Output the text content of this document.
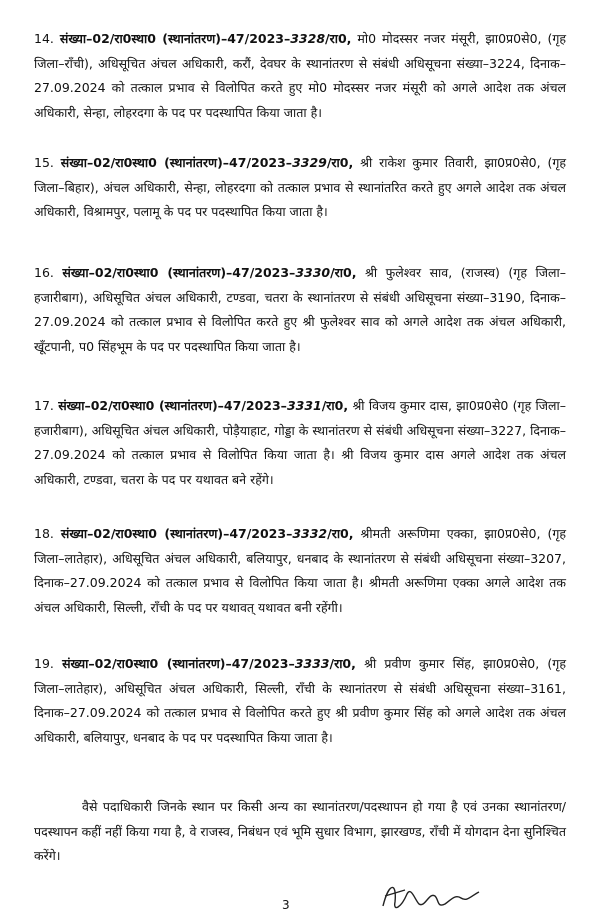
14. संख्या–02/रा0स्था0 (स्थानांतरण)–47/2023–3328/रा0, मो0 मोदस्सर नजर मंसूरी, झा0प्र0से0, (गृह जिला–राँची), अधिसूचित अंचल अधिकारी, करौं, देवघर के स्थानांतरण से संबंधी अधिसूचना संख्या–3224, दिनाक–27.09.2024 को तत्काल प्रभाव से विलोपित करते हुए मो0 मोदस्सर नजर मंसूरी को अगले आदेश तक अंचल अधिकारी, सेन्हा, लोहरदगा के पद पर पदस्थापित किया जाता है।
15. संख्या–02/रा0स्था0 (स्थानांतरण)–47/2023–3329/रा0, श्री राकेश कुमार तिवारी, झा0प्र0से0, (गृह जिला–बिहार), अंचल अधिकारी, सेन्हा, लोहरदगा को तत्काल प्रभाव से स्थानांतरित करते हुए अगले आदेश तक अंचल अधिकारी, विश्रामपुर, पलामू के पद पर पदस्थापित किया जाता है।
16. संख्या–02/रा0स्था0 (स्थानांतरण)–47/2023–3330/रा0, श्री फुलेश्वर साव, (राजस्व) (गृह जिला–हजारीबाग), अधिसूचित अंचल अधिकारी, टण्डवा, चतरा के स्थानांतरण से संबंधी अधिसूचना संख्या–3190, दिनाक–27.09.2024 को तत्काल प्रभाव से विलोपित करते हुए श्री फुलेश्वर साव को अगले आदेश तक अंचल अधिकारी, खूँटपानी, प0 सिंहभूम के पद पर पदस्थापित किया जाता है।
17. संख्या–02/रा0स्था0 (स्थानांतरण)–47/2023–3331/रा0, श्री विजय कुमार दास, झा0प्र0से0 (गृह जिला–हजारीबाग), अधिसूचित अंचल अधिकारी, पोड़ैयाहाट, गोड्डा के स्थानांतरण से संबंधी अधिसूचना संख्या–3227, दिनाक–27.09.2024 को तत्काल प्रभाव से विलोपित किया जाता है। श्री विजय कुमार दास अगले आदेश तक अंचल अधिकारी, टण्डवा, चतरा के पद पर यथावत बने रहेंगे।
18. संख्या–02/रा0स्था0 (स्थानांतरण)–47/2023–3332/रा0, श्रीमती अरूणिमा एक्का, झा0प्र0से0, (गृह जिला–लातेहार), अधिसूचित अंचल अधिकारी, बलियापुर, धनबाद के स्थानांतरण से संबंधी अधिसूचना संख्या–3207, दिनाक–27.09.2024 को तत्काल प्रभाव से विलोपित किया जाता है। श्रीमती अरूणिमा एक्का अगले आदेश तक अंचल अधिकारी, सिल्ली, राँची के पद पर यथावत् यथावत बनी रहेंगी।
19. संख्या–02/रा0स्था0 (स्थानांतरण)–47/2023–3333/रा0, श्री प्रवीण कुमार सिंह, झा0प्र0से0, (गृह जिला–लातेहार), अधिसूचित अंचल अधिकारी, सिल्ली, राँची के स्थानांतरण से संबंधी अधिसूचना संख्या–3161, दिनाक–27.09.2024 को तत्काल प्रभाव से विलोपित करते हुए श्री प्रवीण कुमार सिंह को अगले आदेश तक अंचल अधिकारी, बलियापुर, धनबाद के पद पर पदस्थापित किया जाता है।
वैसे पदाधिकारी जिनके स्थान पर किसी अन्य का स्थानांतरण/पदस्थापन हो गया है एवं उनका स्थानांतरण/पदस्थापन कहीं नहीं किया गया है, वे राजस्व, निबंधन एवं भूमि सुधार विभाग, झारखण्ड, राँची में योगदान देना सुनिश्चित करेंगे।
3
